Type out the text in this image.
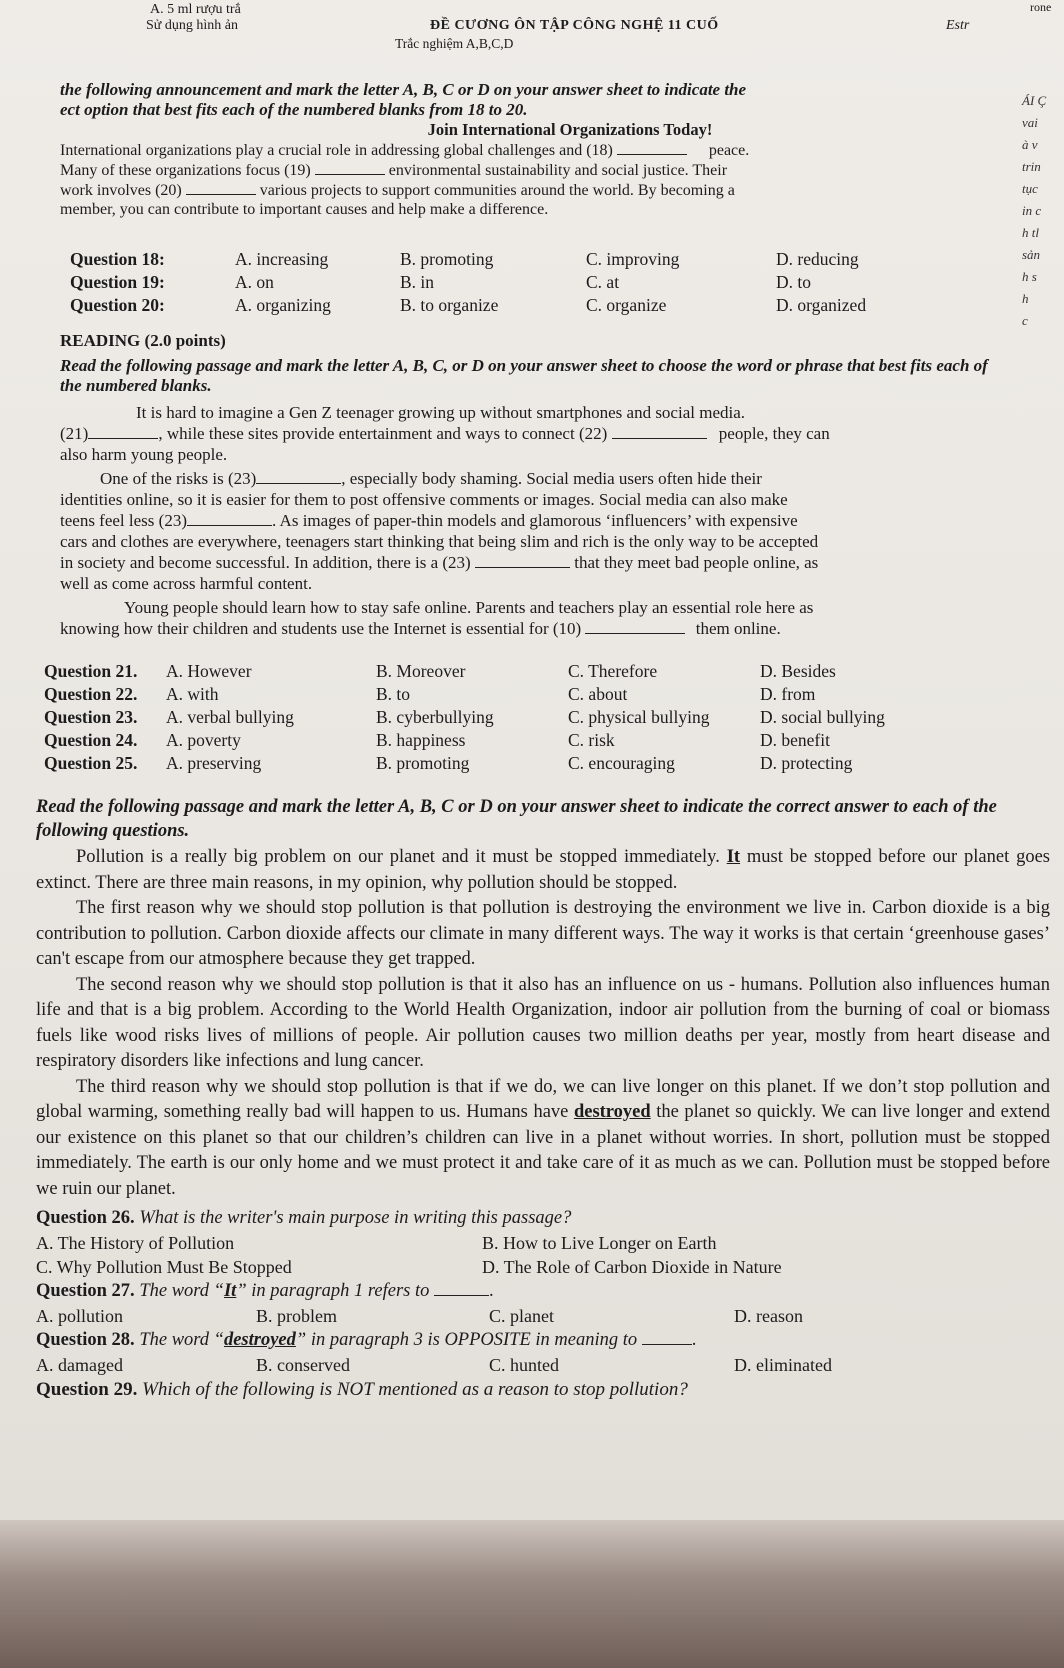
A. 5 ml rượu trắ
Sử dụng hình ản	ĐỀ CƯƠNG ÔN TẬP CÔNG NGHỆ 11 CUỐ
Trắc nghiệm A,B,C,D
Estr
rone
ÁI Ç
vai
à v
trin
tục
in c
h tl
sản
h s
h
c

the following announcement and mark the letter A, B, C or D on your answer sheet to indicate the

ect option that best fits each of the numbered blanks from 18 to 20.

Join International Organizations Today!

International organizations play a crucial role in addressing global challenges and (18)	peace.

Many of these organizations focus (19)	environmental sustainability and social justice. Their

work involves (20)	various projects to support communities around the world. By becoming a

member, you can contribute to important causes and help make a difference.

Question 18:	A. increasing	B. promoting	C. improving	D. reducing
Question 19:	A. on	B. in	C. at	D. to
Question 20:	A. organizing	B. to organize	C. organize	D. organized

READING (2.0 points)

Read the following passage and mark the letter A, B, C, or D on your answer sheet to choose the word or phrase that best fits each of the numbered blanks.

It is hard to imagine a Gen Z teenager growing up without smartphones and social media.

(21)	, while these sites provide entertainment and ways to connect (22)	people, they can

also harm young people.

One of the risks is (23)	, especially body shaming. Social media users often hide their

identities online, so it is easier for them to post offensive comments or images. Social media can also make

teens feel less (23)	. As images of paper-thin models and glamorous ‘influencers’ with expensive

cars and clothes are everywhere, teenagers start thinking that being slim and rich is the only way to be accepted

in society and become successful. In addition, there is a (23)	that they meet bad people online, as

well as come across harmful content.

Young people should learn how to stay safe online. Parents and teachers play an essential role here as

knowing how their children and students use the Internet is essential for (10)	them online.

Question 21.	A. However	B. Moreover	C. Therefore	D. Besides
Question 22.	A. with	B. to	C. about	D. from
Question 23.	A. verbal bullying	B. cyberbullying	C. physical bullying	D. social bullying
Question 24.	A. poverty	B. happiness	C. risk	D. benefit
Question 25.	A. preserving	B. promoting	C. encouraging	D. protecting

Read the following passage and mark the letter A, B, C or D on your answer sheet to indicate the correct answer to each of the following questions.

Pollution is a really big problem on our planet and it must be stopped immediately. It must be stopped before our planet goes extinct. There are three main reasons, in my opinion, why pollution should be stopped.

The first reason why we should stop pollution is that pollution is destroying the environment we live in. Carbon dioxide is a big contribution to pollution. Carbon dioxide affects our climate in many different ways. The way it works is that certain ‘greenhouse gases’ can't escape from our atmosphere because they get trapped.

The second reason why we should stop pollution is that it also has an influence on us - humans. Pollution also influences human life and that is a big problem. According to the World Health Organization, indoor air pollution from the burning of coal or biomass fuels like wood risks lives of millions of people. Air pollution causes two million deaths per year, mostly from heart disease and respiratory disorders like infections and lung cancer.

The third reason why we should stop pollution is that if we do, we can live longer on this planet. If we don’t stop pollution and global warming, something really bad will happen to us. Humans have destroyed the planet so quickly. We can live longer and extend our existence on this planet so that our children’s children can live in a planet without worries. In short, pollution must be stopped immediately. The earth is our only home and we must protect it and take care of it as much as we can. Pollution must be stopped before we ruin our planet.

Question 26. What is the writer's main purpose in writing this passage?

A. The History of Pollution	B. How to Live Longer on Earth
C. Why Pollution Must Be Stopped	D. The Role of Carbon Dioxide in Nature

Question 27. The word “It” in paragraph 1 refers to	.

A. pollution	B. problem	C. planet	D. reason

Question 28. The word “destroyed” in paragraph 3 is OPPOSITE in meaning to	.

A. damaged	B. conserved	C. hunted	D. eliminated

Question 29. Which of the following is NOT mentioned as a reason to stop pollution?
